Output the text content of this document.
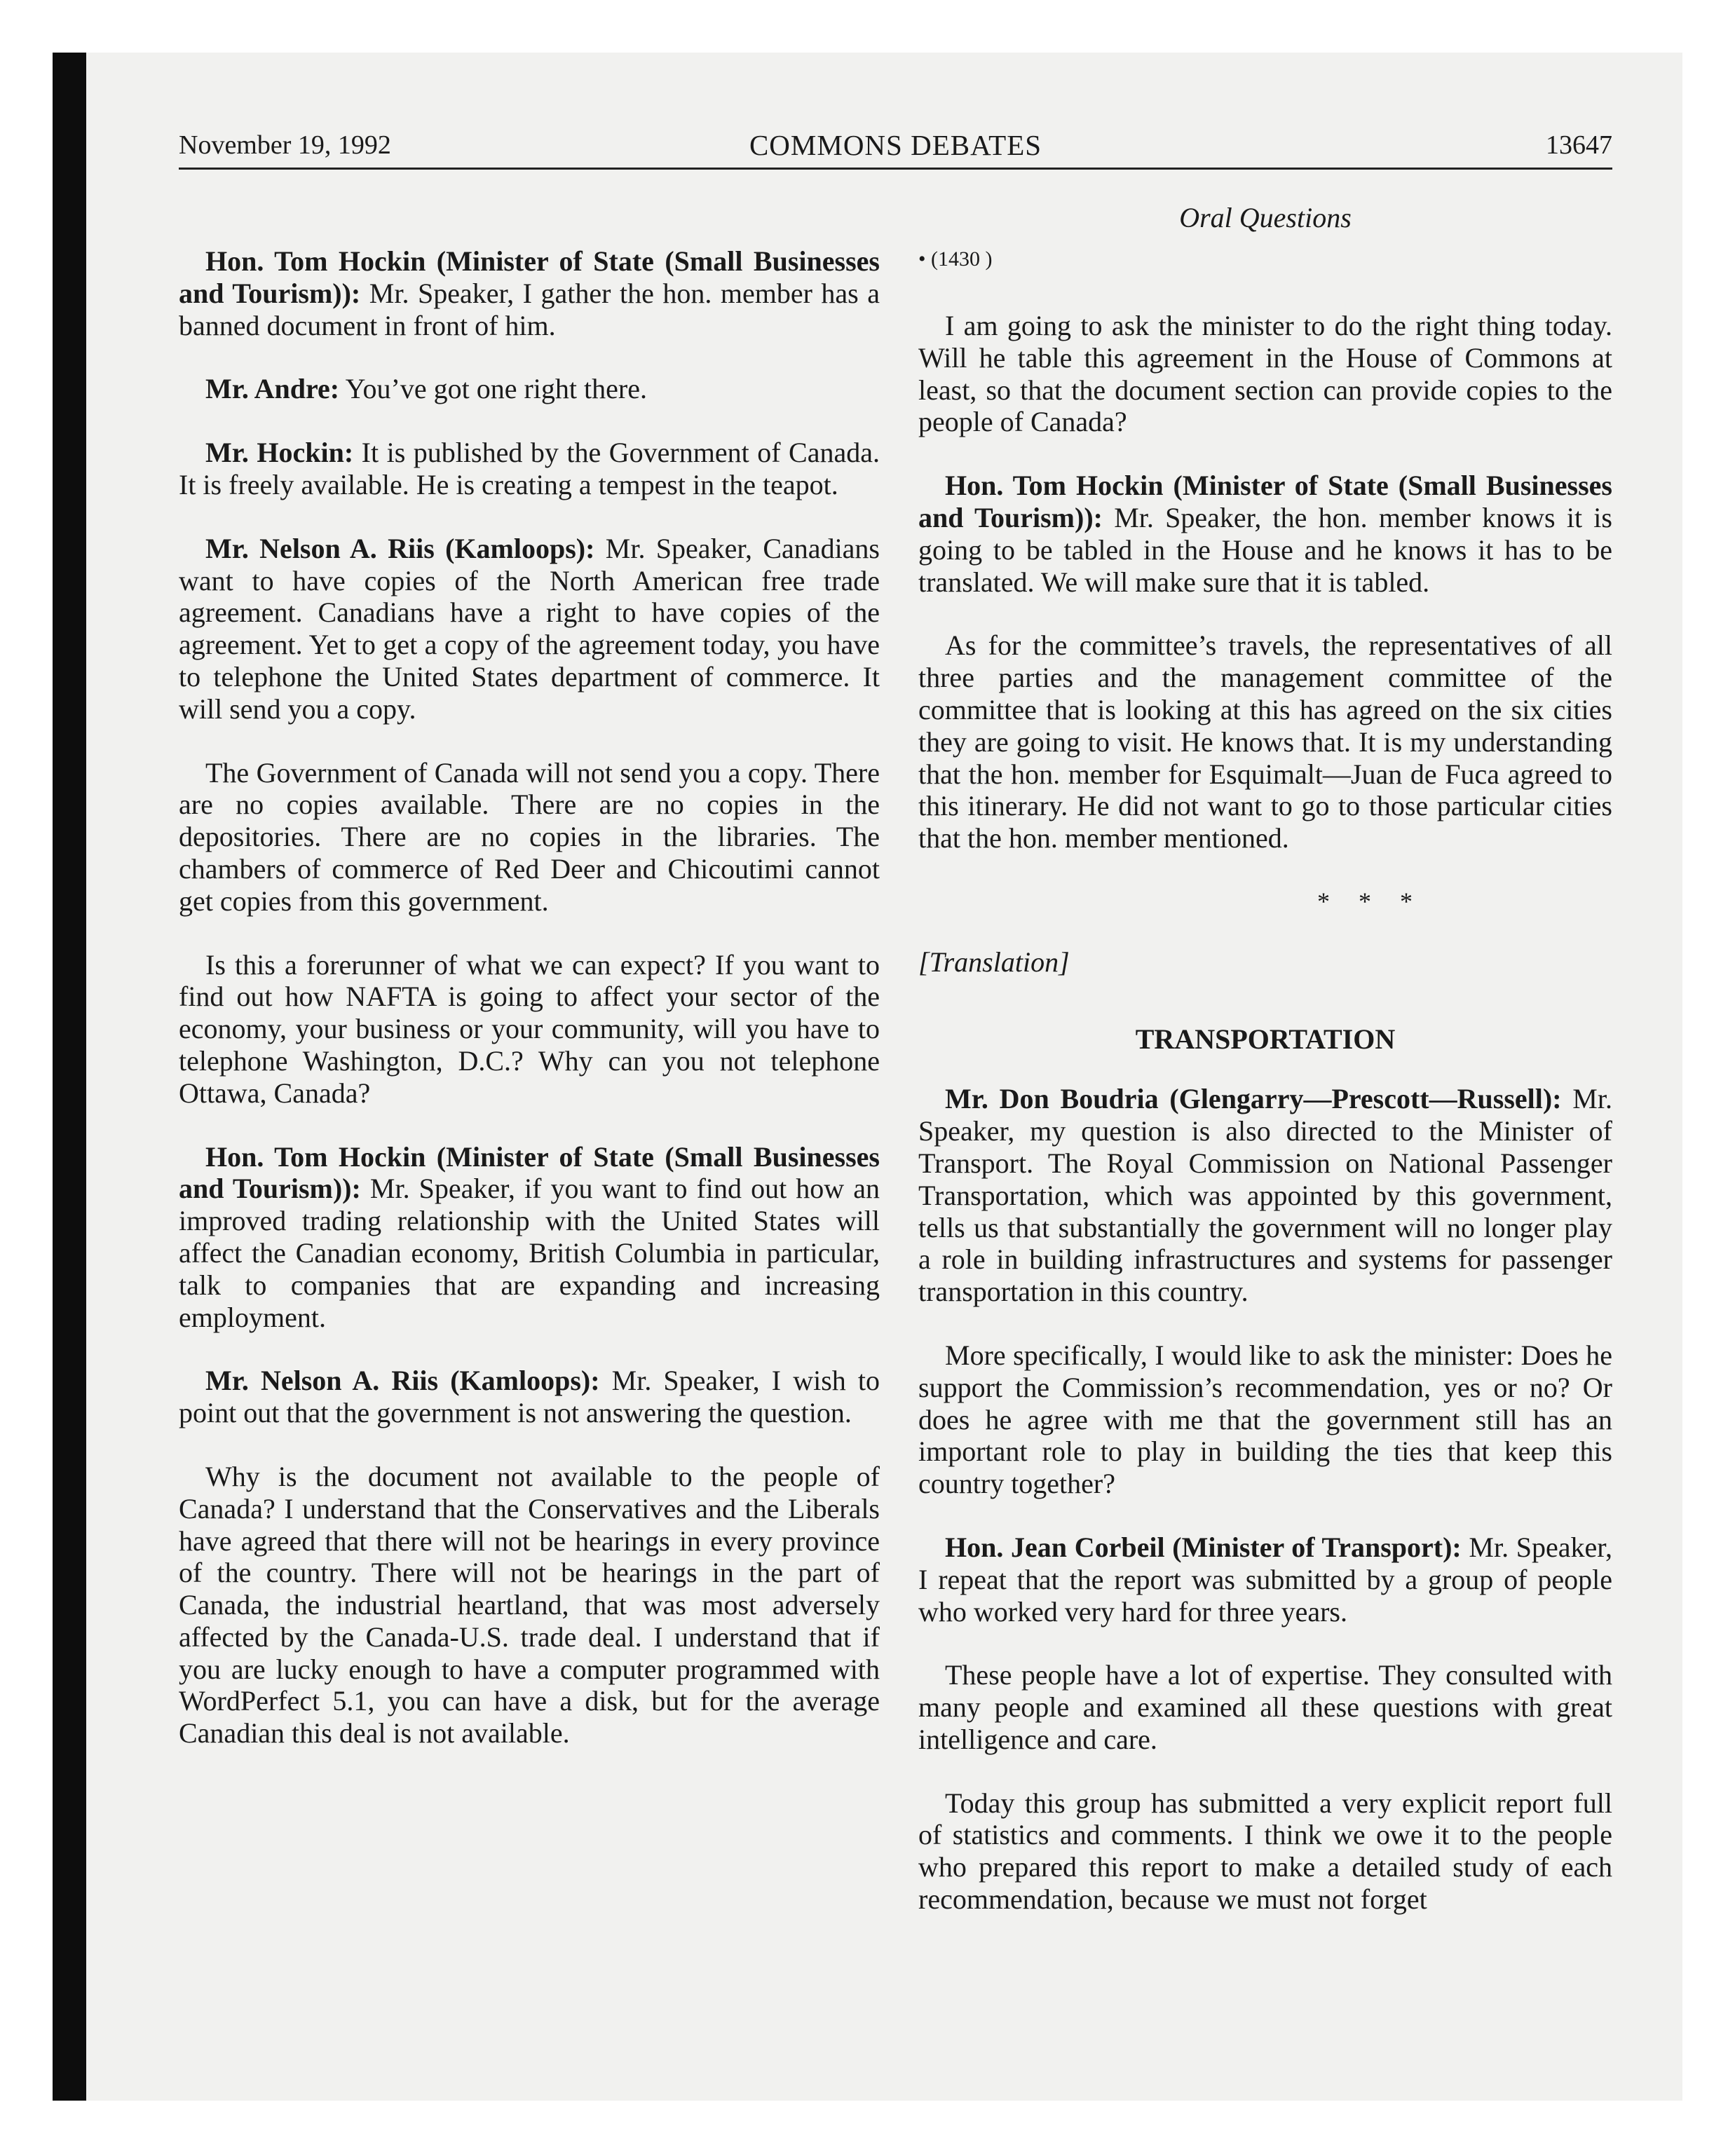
November 19, 1992	COMMONS DEBATES	13647
Oral Questions

Hon. Tom Hockin (Minister of State (Small Businesses and Tourism)): Mr. Speaker, I gather the hon. member has a banned document in front of him.

Mr. Andre: You’ve got one right there.

Mr. Hockin: It is published by the Government of Canada. It is freely available. He is creating a tempest in the teapot.

Mr. Nelson A. Riis (Kamloops): Mr. Speaker, Canadians want to have copies of the North American free trade agreement. Canadians have a right to have copies of the agreement. Yet to get a copy of the agreement today, you have to telephone the United States department of commerce. It will send you a copy.

The Government of Canada will not send you a copy. There are no copies available. There are no copies in the depositories. There are no copies in the libraries. The chambers of commerce of Red Deer and Chicoutimi cannot get copies from this government.

Is this a forerunner of what we can expect? If you want to find out how NAFTA is going to affect your sector of the economy, your business or your community, will you have to telephone Washington, D.C.? Why can you not telephone Ottawa, Canada?

Hon. Tom Hockin (Minister of State (Small Businesses and Tourism)): Mr. Speaker, if you want to find out how an improved trading relationship with the United States will affect the Canadian economy, British Columbia in particular, talk to companies that are expanding and increasing employment.

Mr. Nelson A. Riis (Kamloops): Mr. Speaker, I wish to point out that the government is not answering the question.

Why is the document not available to the people of Canada? I understand that the Conservatives and the Liberals have agreed that there will not be hearings in every province of the country. There will not be hearings in the part of Canada, the industrial heartland, that was most adversely affected by the Canada-U.S. trade deal. I understand that if you are lucky enough to have a computer programmed with WordPerfect 5.1, you can have a disk, but for the average Canadian this deal is not available.

• (1430 )

I am going to ask the minister to do the right thing today. Will he table this agreement in the House of Commons at least, so that the document section can provide copies to the people of Canada?

Hon. Tom Hockin (Minister of State (Small Businesses and Tourism)): Mr. Speaker, the hon. member knows it is going to be tabled in the House and he knows it has to be translated. We will make sure that it is tabled.

As for the committee’s travels, the representatives of all three parties and the management committee of the committee that is looking at this has agreed on the six cities they are going to visit. He knows that. It is my understanding that the hon. member for Esquimalt—Juan de Fuca agreed to this itinerary. He did not want to go to those particular cities that the hon. member mentioned.

* * *
[Translation]
TRANSPORTATION

Mr. Don Boudria (Glengarry—Prescott—Russell): Mr. Speaker, my question is also directed to the Minister of Transport. The Royal Commission on National Passenger Transportation, which was appointed by this government, tells us that substantially the government will no longer play a role in building infrastructures and systems for passenger transportation in this country.

More specifically, I would like to ask the minister: Does he support the Commission’s recommendation, yes or no? Or does he agree with me that the government still has an important role to play in building the ties that keep this country together?

Hon. Jean Corbeil (Minister of Transport): Mr. Speaker, I repeat that the report was submitted by a group of people who worked very hard for three years.

These people have a lot of expertise. They consulted with many people and examined all these questions with great intelligence and care.

Today this group has submitted a very explicit report full of statistics and comments. I think we owe it to the people who prepared this report to make a detailed study of each recommendation, because we must not forget
